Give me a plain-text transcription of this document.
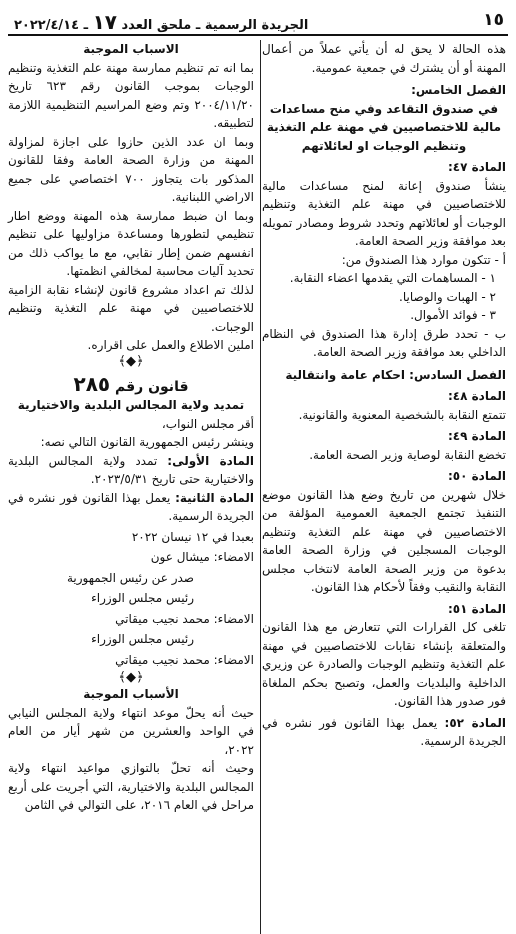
١٥
الجريدة الرسمية ـ ملحق العدد ١٧ ـ ٢٠٢٢/٤/١٤

هذه الحالة لا يحق له أن يأتي عملاً من أعمال المهنة أو أن يشترك في جمعية عمومية.

الفصل الخامس:

في صندوق التقاعد وفي منح مساعدات مالية للاختصاصيين في مهنة علم التغذية وتنظيم الوجبات او لعائلاتهم

المادة ٤٧:

ينشأ صندوق إعانة لمنح مساعدات مالية للاختصاصيين في مهنة علم التغذية وتنظيم الوجبات أو لعائلاتهم وتحدد شروط ومصادر تمويله بعد موافقة وزير الصحة العامة.

أ - تتكون موارد هذا الصندوق من:

١ - المساهمات التي يقدمها اعضاء النقابة.

٢ - الهبات والوصايا.

٣ - فوائد الأموال.

ب - تحدد طرق إدارة هذا الصندوق في النظام الداخلي بعد موافقة وزير الصحة العامة.

الفصل السادس: احكام عامة وانتقالية

المادة ٤٨:

تتمتع النقابة بالشخصية المعنوية والقانونية.

المادة ٤٩:

تخضع النقابة لوصاية وزير الصحة العامة.

المادة ٥٠:

خلال شهرين من تاريخ وضع هذا القانون موضع التنفيذ تجتمع الجمعية العمومية المؤلفة من الاختصاصيين في مهنة علم التغذية وتنظيم الوجبات المسجلين في وزارة الصحة العامة بدعوة من وزير الصحة العامة لانتخاب مجلس النقابة والنقيب وفقاً لأحكام هذا القانون.

المادة ٥١:

تلغى كل القرارات التي تتعارض مع هذا القانون والمتعلقة بإنشاء نقابات للاختصاصيين في مهنة علم التغذية وتنظيم الوجبات والصادرة عن وزيري الداخلية والبلديات والعمل، وتصبح بحكم الملغاة فور صدور هذا القانون.

المادة ٥٢: يعمل بهذا القانون فور نشره في الجريدة الرسمية.

الاسباب الموجبة

بما انه تم تنظيم ممارسة مهنة علم التغذية وتنظيم الوجبات بموجب القانون رقم ٦٢٣ تاريخ ٢٠٠٤/١١/٢٠ وتم وضع المراسيم التنظيمية اللازمة لتطبيقه.

وبما ان عدد الذين حازوا على اجازة لمزاولة المهنة من وزارة الصحة العامة وفقا للقانون المذكور بات يتجاوز ٧٠٠ اختصاصي على جميع الاراضي اللبنانية.

وبما ان ضبط ممارسة هذه المهنة ووضع اطار تنظيمي لتطورها ومساعدة مزاوليها على تنظيم انفسهم ضمن إطار نقابي، مع ما يواكب ذلك من تحديد آليات محاسبة لمخالفي انظمتها.

لذلك تم اعداد مشروع قانون لإنشاء نقابة الزامية للاختصاصيين في مهنة علم التغذية وتنظيم الوجبات.

املين الاطلاع والعمل على اقراره.

﴿◆﴾

قانون رقم ٢٨٥

تمديد ولاية المجالس البلدية والاختيارية

أقر مجلس النواب،

وينشر رئيس الجمهورية القانون التالي نصه:

المادة الأولى: تمدد ولاية المجالس البلدية والاختيارية حتى تاريخ ٢٠٢٣/٥/٣١.

المادة الثانية: يعمل بهذا القانون فور نشره في الجريدة الرسمية.

بعبدا في ١٢ نيسان ٢٠٢٢

الامضاء: ميشال عون

صدر عن رئيس الجمهورية

رئيس مجلس الوزراء

الامضاء: محمد نجيب ميقاتي

رئيس مجلس الوزراء

الامضاء: محمد نجيب ميقاتي

﴿◆﴾

الأسباب الموجبة

حيث أنه يحلّ موعد انتهاء ولاية المجلس النيابي في الواحد والعشرين من شهر أيار من العام ٢٠٢٢،

وحيث أنه تحلّ بالتوازي مواعيد انتهاء ولاية المجالس البلدية والاختيارية، التي أجريت على أربع مراحل في العام ٢٠١٦، على التوالي في الثامن
